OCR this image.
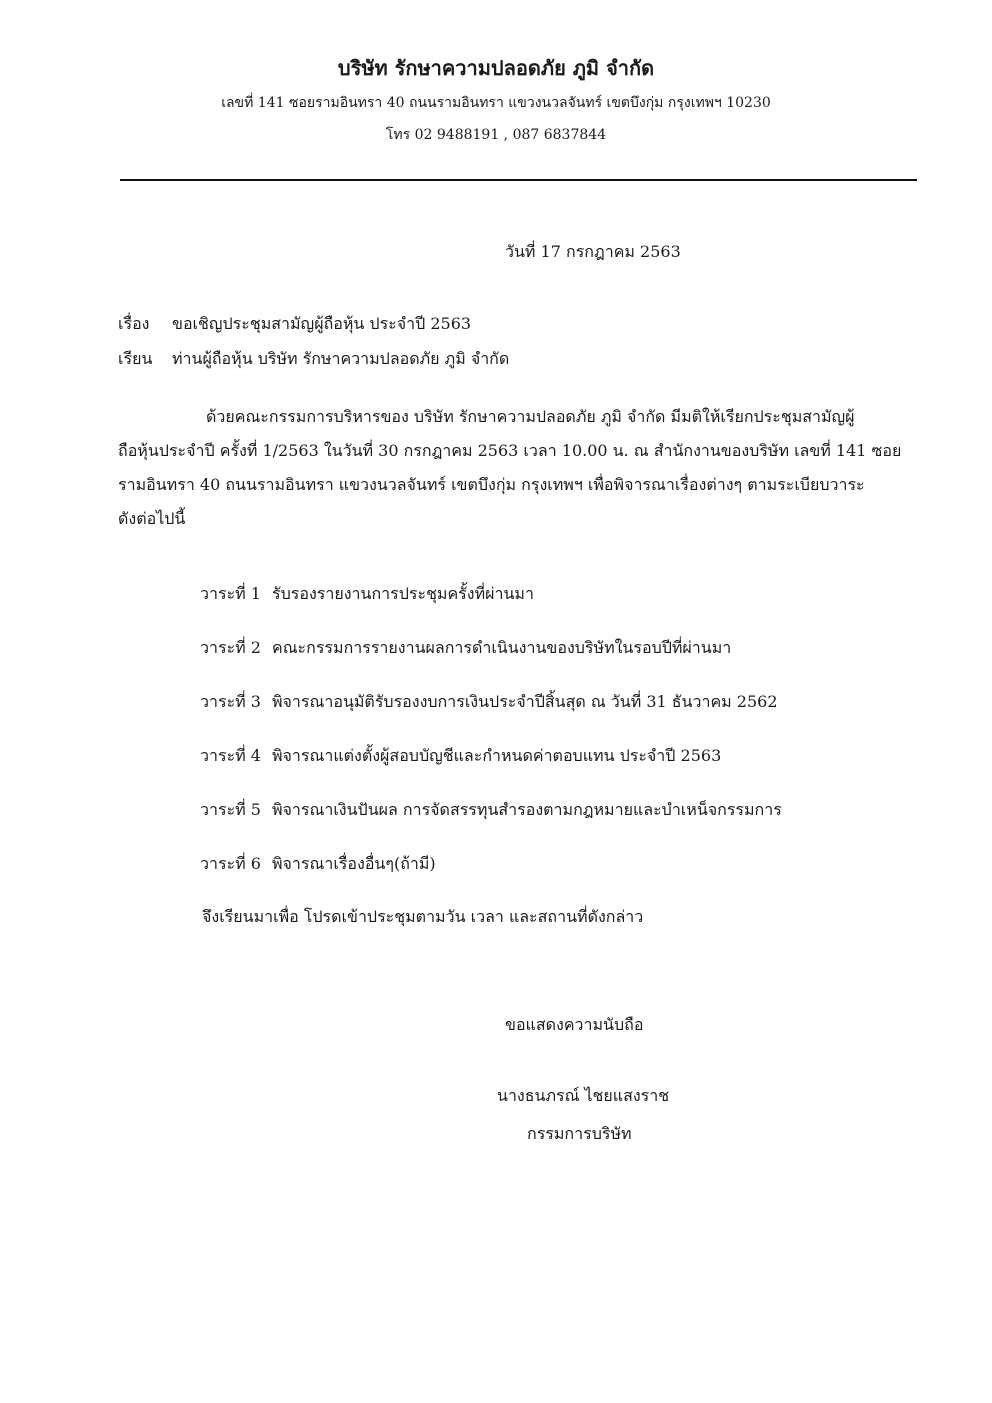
บริษัท รักษาความปลอดภัย ภูมิ จำกัด
เลขที่ 141 ซอยรามอินทรา 40 ถนนรามอินทรา แขวงนวลจันทร์ เขตบึงกุ่ม กรุงเทพฯ 10230
โทร 02 9488191 , 087 6837844
วันที่ 17 กรกฎาคม 2563
เรื่อง ขอเชิญประชุมสามัญผู้ถือหุ้น ประจำปี 2563
เรียน ท่านผู้ถือหุ้น บริษัท รักษาความปลอดภัย ภูมิ จำกัด
ด้วยคณะกรรมการบริหารของ บริษัท รักษาความปลอดภัย ภูมิ จำกัด มีมติให้เรียกประชุมสามัญผู้
ถือหุ้นประจำปี ครั้งที่ 1/2563 ในวันที่ 30 กรกฎาคม 2563 เวลา 10.00 น. ณ สำนักงานของบริษัท เลขที่ 141 ซอย
รามอินทรา 40 ถนนรามอินทรา แขวงนวลจันทร์ เขตบึงกุ่ม กรุงเทพฯ เพื่อพิจารณาเรื่องต่างๆ ตามระเบียบวาระ
ดังต่อไปนี้
วาระที่ 1 รับรองรายงานการประชุมครั้งที่ผ่านมา
วาระที่ 2 คณะกรรมการรายงานผลการดำเนินงานของบริษัทในรอบปีที่ผ่านมา
วาระที่ 3 พิจารณาอนุมัติรับรองงบการเงินประจำปีสิ้นสุด ณ วันที่ 31 ธันวาคม 2562
วาระที่ 4 พิจารณาแต่งตั้งผู้สอบบัญชีและกำหนดค่าตอบแทน ประจำปี 2563
วาระที่ 5 พิจารณาเงินปันผล การจัดสรรทุนสำรองตามกฎหมายและบำเหน็จกรรมการ
วาระที่ 6 พิจารณาเรื่องอื่นๆ(ถ้ามี)
จึงเรียนมาเพื่อ โปรดเข้าประชุมตามวัน เวลา และสถานที่ดังกล่าว
ขอแสดงความนับถือ
นางธนภรณ์ ไชยแสงราช
กรรมการบริษัท
